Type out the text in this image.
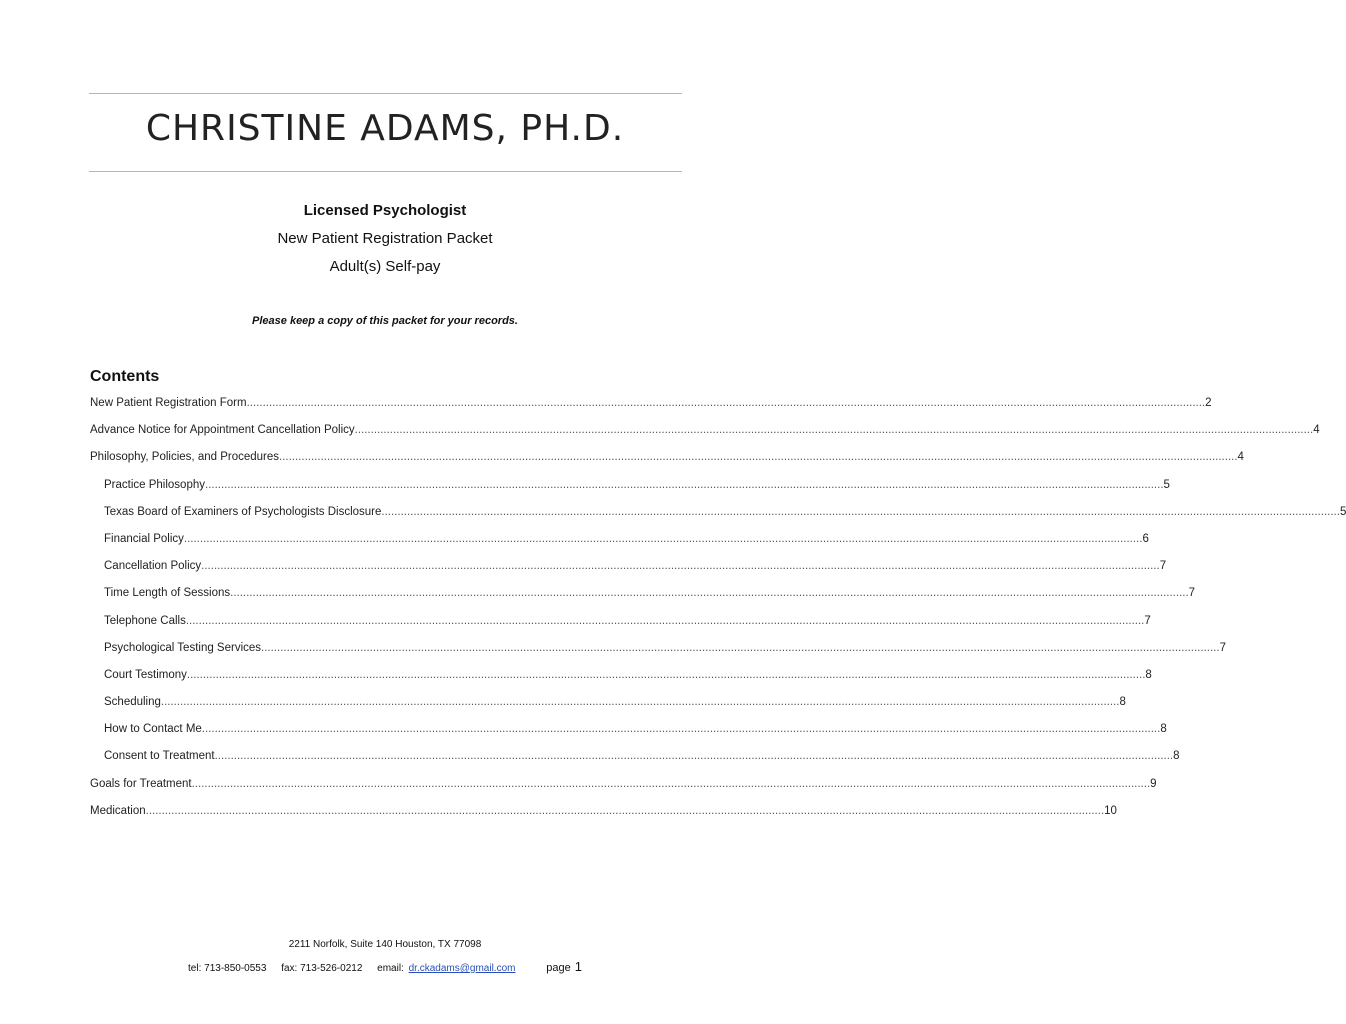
CHRISTINE ADAMS, PH.D.
Licensed Psychologist
New Patient Registration Packet
Adult(s) Self-pay
Please keep a copy of this packet for your records.
Contents
New Patient Registration Form ............................................................................................................................................................................................................................................................................................................ 2
Advance Notice for Appointment Cancellation Policy ............................................................................................................................................................................................................................................................................................................ 4
Philosophy, Policies, and Procedures ............................................................................................................................................................................................................................................................................................................ 4
Practice Philosophy ............................................................................................................................................................................................................................................................................................................ 5
Texas Board of Examiners of Psychologists Disclosure ............................................................................................................................................................................................................................................................................................................ 5
Financial Policy ............................................................................................................................................................................................................................................................................................................ 6
Cancellation Policy ............................................................................................................................................................................................................................................................................................................ 7
Time Length of Sessions ............................................................................................................................................................................................................................................................................................................ 7
Telephone Calls ............................................................................................................................................................................................................................................................................................................ 7
Psychological Testing Services ............................................................................................................................................................................................................................................................................................................ 7
Court Testimony ............................................................................................................................................................................................................................................................................................................ 8
Scheduling ............................................................................................................................................................................................................................................................................................................ 8
How to Contact Me ............................................................................................................................................................................................................................................................................................................ 8
Consent to Treatment ............................................................................................................................................................................................................................................................................................................ 8
Goals for Treatment ............................................................................................................................................................................................................................................................................................................ 9
Medication ............................................................................................................................................................................................................................................................................................................ 10
2211 Norfolk, Suite 140 Houston, TX 77098
tel: 713-850-0553 fax: 713-526-0212 email: dr.ckadams@gmail.com	page 1
